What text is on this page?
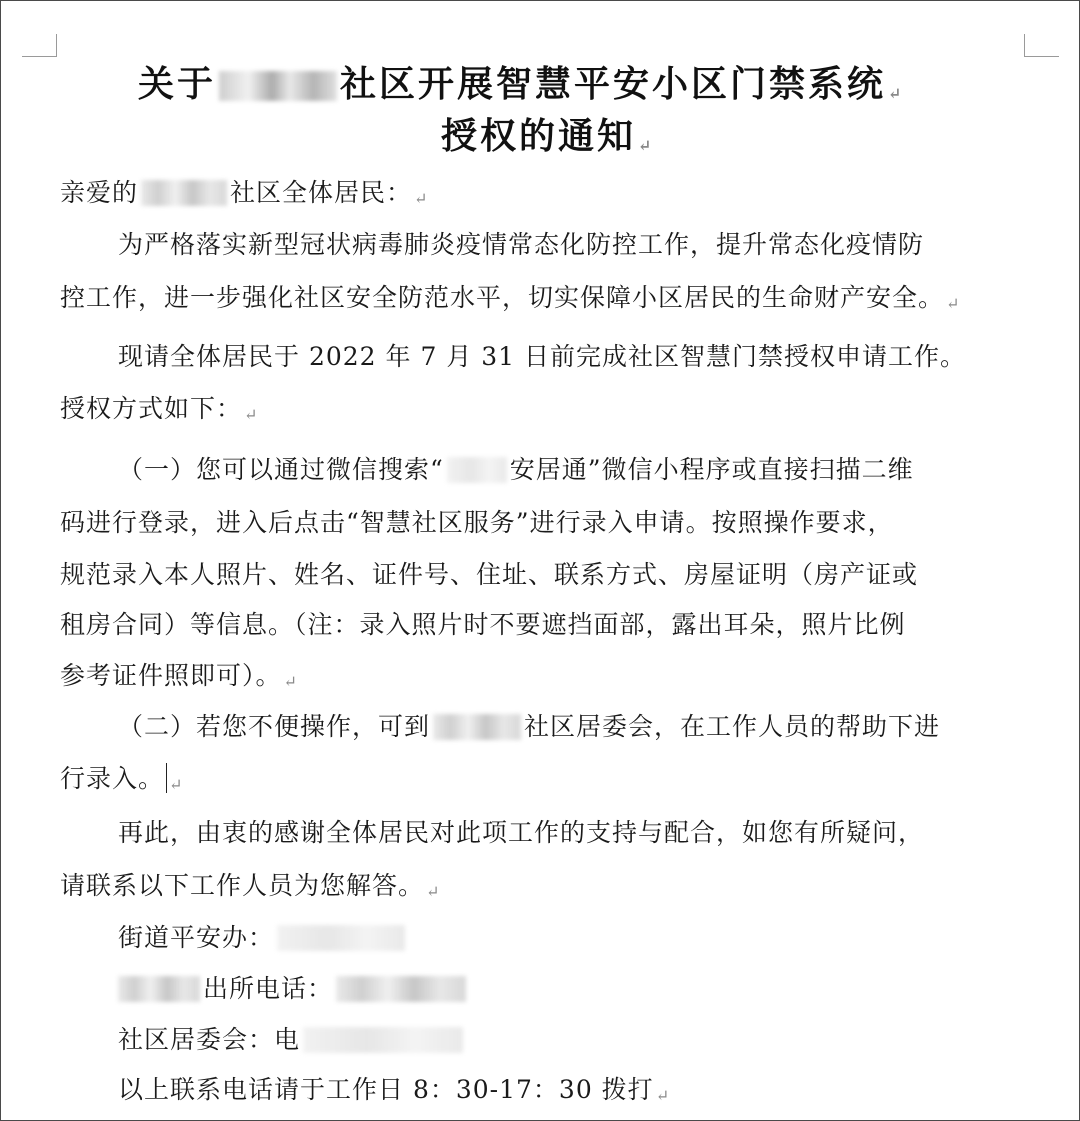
关于	社区开展智慧平安小区门禁系统 ↵
授权的通知 ↵
亲爱的	社区全体居民： ↵
为严格落实新型冠状病毒肺炎疫情常态化防控工作，提升常态化疫情防
控工作，进一步强化社区安全防范水平，切实保障小区居民的生命财产安全。 ↵
现请全体居民于 2022 年 7 月 31 日前完成社区智慧门禁授权申请工作。
授权方式如下： ↵
（一）您可以通过微信搜索“	安居通”微信小程序或直接扫描二维
码进行登录，进入后点击“智慧社区服务”进行录入申请。按照操作要求，
规范录入本人照片、姓名、证件号、住址、联系方式、房屋证明（房产证或
租房合同）等信息。（注：录入照片时不要遮挡面部，露出耳朵，照片比例
参考证件照即可）。 ↵
（二）若您不便操作，可到	社区居委会，在工作人员的帮助下进
行录入。 ↵
再此，由衷的感谢全体居民对此项工作的支持与配合，如您有所疑问，
请联系以下工作人员为您解答。 ↵
街道平安办：
出所电话：
社区居委会：电
以上联系电话请于工作日 8：30-17：30 拨打 ↵
